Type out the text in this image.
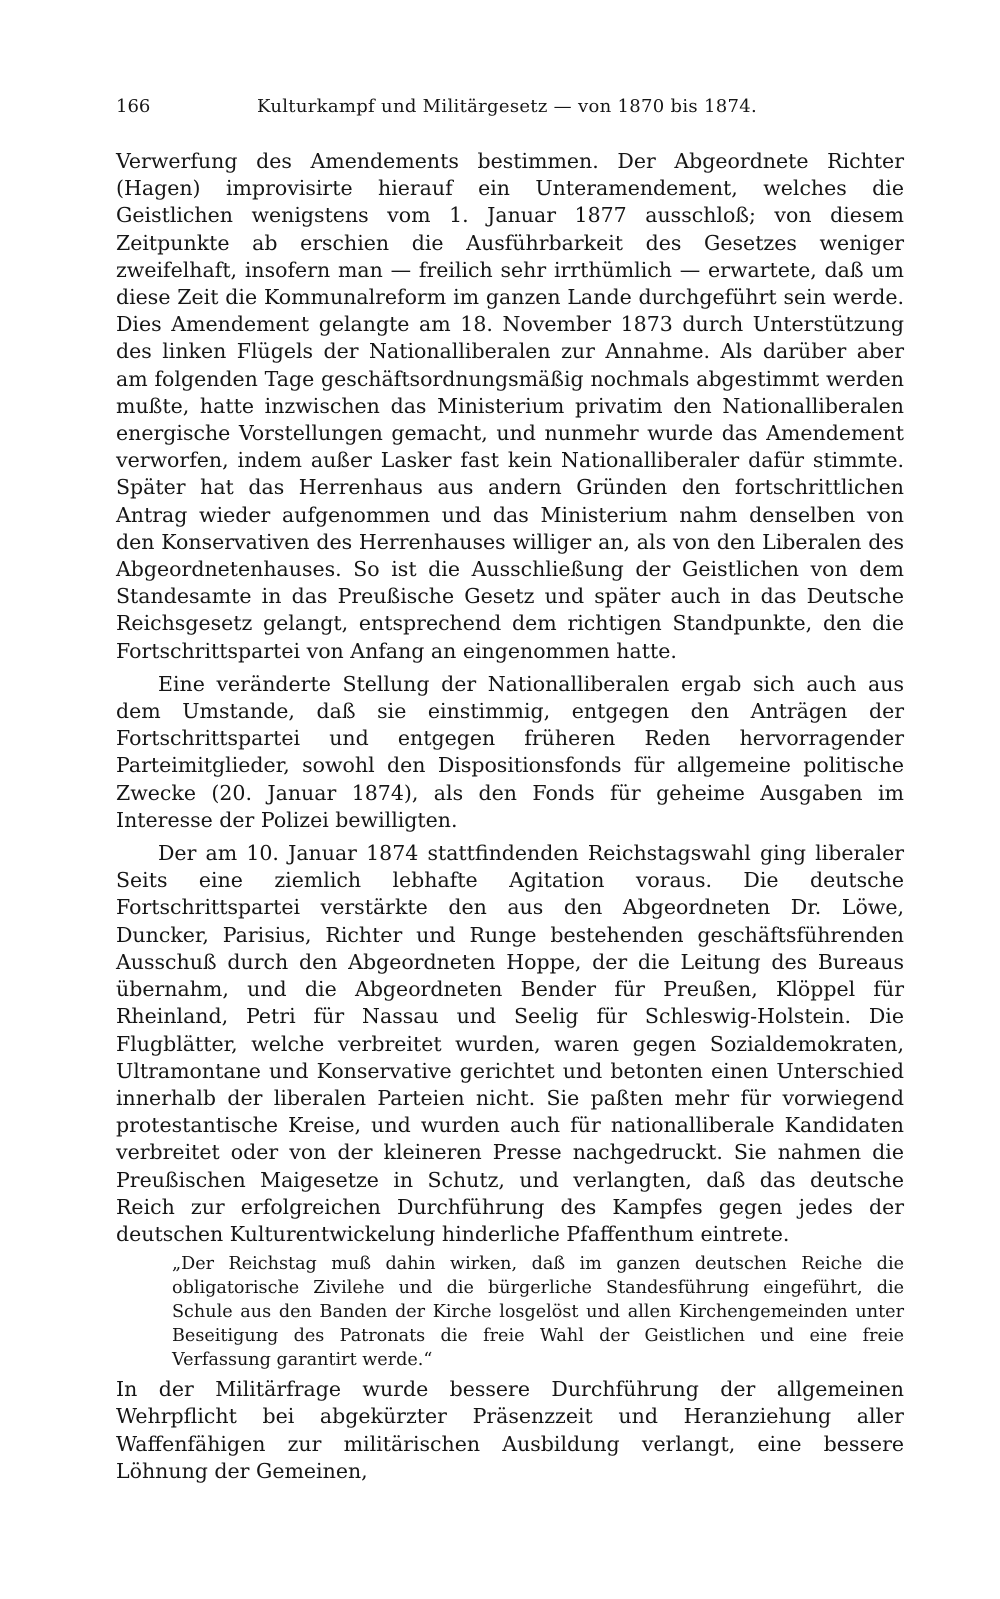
166	Kulturkampf und Militärgesetz — von 1870 bis 1874.

Verwerfung des Amendements bestimmen. Der Abgeordnete Richter (Hagen) improvisirte hierauf ein Unteramendement, welches die Geistlichen wenigstens vom 1. Januar 1877 ausschloß; von diesem Zeitpunkte ab erschien die Ausführbarkeit des Gesetzes weniger zweifelhaft, insofern man — freilich sehr irrthümlich — erwartete, daß um diese Zeit die Kommunalreform im ganzen Lande durchgeführt sein werde. Dies Amendement gelangte am 18. November 1873 durch Unterstützung des linken Flügels der Nationalliberalen zur Annahme. Als darüber aber am folgenden Tage geschäftsordnungsmäßig nochmals abgestimmt werden mußte, hatte inzwischen das Ministerium privatim den Nationalliberalen energische Vorstellungen gemacht, und nunmehr wurde das Amendement verworfen, indem außer Lasker fast kein Nationalliberaler dafür stimmte. Später hat das Herrenhaus aus andern Gründen den fortschrittlichen Antrag wieder aufgenommen und das Ministerium nahm denselben von den Konservativen des Herrenhauses williger an, als von den Liberalen des Abgeordnetenhauses. So ist die Ausschließung der Geistlichen von dem Standesamte in das Preußische Gesetz und später auch in das Deutsche Reichsgesetz gelangt, entsprechend dem richtigen Standpunkte, den die Fortschrittspartei von Anfang an eingenommen hatte.

Eine veränderte Stellung der Nationalliberalen ergab sich auch aus dem Umstande, daß sie einstimmig, entgegen den Anträgen der Fortschrittspartei und entgegen früheren Reden hervorragender Parteimitglieder, sowohl den Dispositionsfonds für allgemeine politische Zwecke (20. Januar 1874), als den Fonds für geheime Ausgaben im Interesse der Polizei bewilligten.

Der am 10. Januar 1874 stattfindenden Reichstagswahl ging liberaler Seits eine ziemlich lebhafte Agitation voraus. Die deutsche Fortschrittspartei verstärkte den aus den Abgeordneten Dr. Löwe, Duncker, Parisius, Richter und Runge bestehenden geschäftsführenden Ausschuß durch den Abgeordneten Hoppe, der die Leitung des Bureaus übernahm, und die Abgeordneten Bender für Preußen, Klöppel für Rheinland, Petri für Nassau und Seelig für Schleswig-Holstein. Die Flugblätter, welche verbreitet wurden, waren gegen Sozialdemokraten, Ultramontane und Konservative gerichtet und betonten einen Unterschied innerhalb der liberalen Parteien nicht. Sie paßten mehr für vorwiegend protestantische Kreise, und wurden auch für nationalliberale Kandidaten verbreitet oder von der kleineren Presse nachgedruckt. Sie nahmen die Preußischen Maigesetze in Schutz, und verlangten, daß das deutsche Reich zur erfolgreichen Durchführung des Kampfes gegen jedes der deutschen Kulturentwickelung hinderliche Pfaffenthum eintrete.

„Der Reichstag muß dahin wirken, daß im ganzen deutschen Reiche die obligatorische Zivilehe und die bürgerliche Standesführung eingeführt, die Schule aus den Banden der Kirche losgelöst und allen Kirchengemeinden unter Beseitigung des Patronats die freie Wahl der Geistlichen und eine freie Verfassung garantirt werde.“

In der Militärfrage wurde bessere Durchführung der allgemeinen Wehrpflicht bei abgekürzter Präsenzzeit und Heranziehung aller Waffenfähigen zur militärischen Ausbildung verlangt, eine bessere Löhnung der Gemeinen,
